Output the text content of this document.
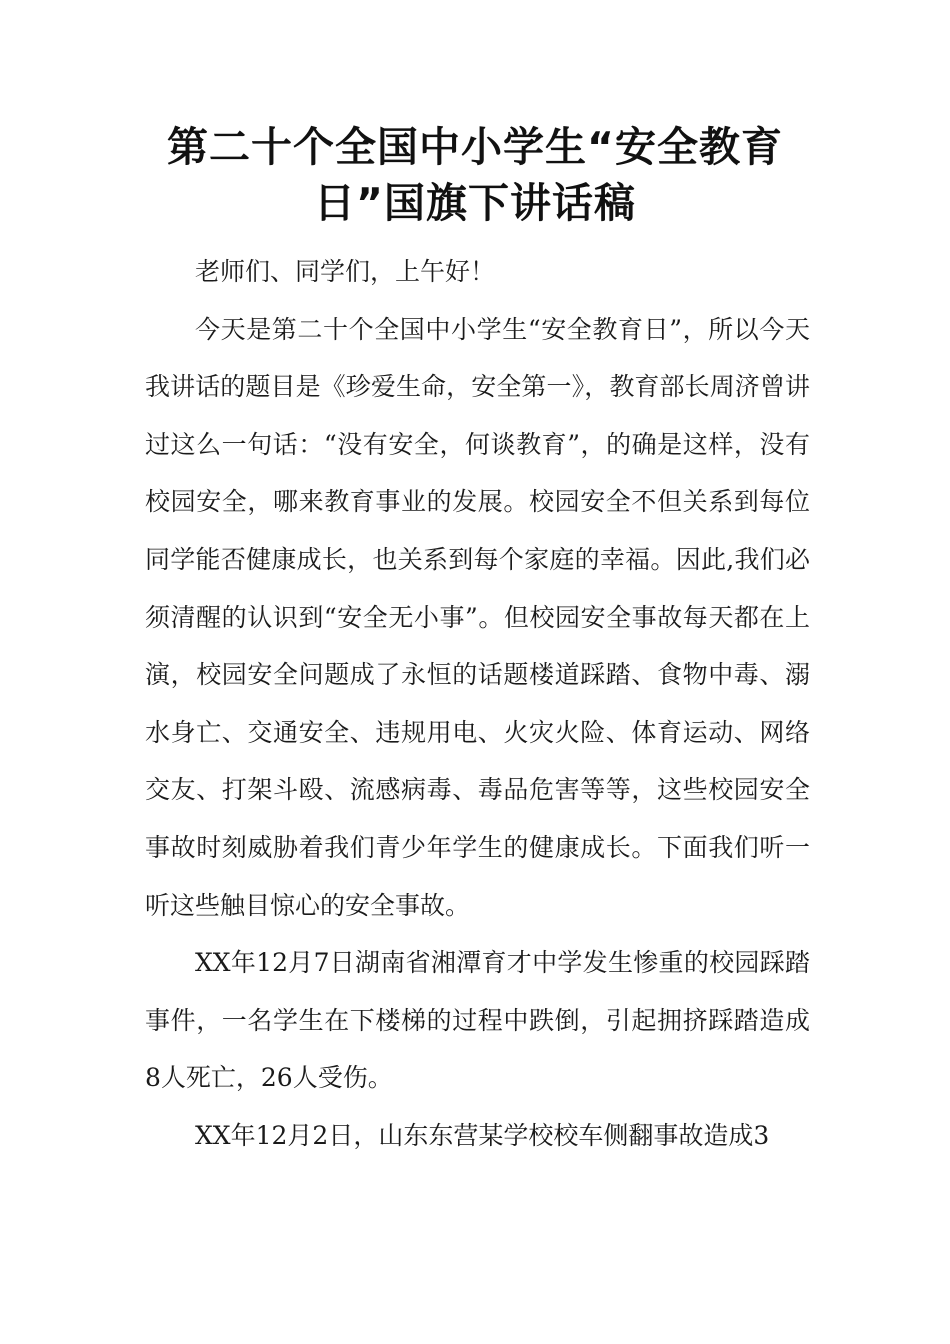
第二十个全国中小学生“安全教育
日”国旗下讲话稿

老师们、同学们，上午好！

今天是第二十个全国中小学生“安全教育日”，所以今天我讲话的题目是《珍爱生命，安全第一》，教育部长周济曾讲过这么一句话：“没有安全，何谈教育”，的确是这样，没有校园安全，哪来教育事业的发展。校园安全不但关系到每位同学能否健康成长，也关系到每个家庭的幸福。因此,我们必须清醒的认识到“安全无小事”。但校园安全事故每天都在上演，校园安全问题成了永恒的话题楼道踩踏、食物中毒、溺水身亡、交通安全、违规用电、火灾火险、体育运动、网络交友、打架斗殴、流感病毒、毒品危害等等，这些校园安全事故时刻威胁着我们青少年学生的健康成长。下面我们听一听这些触目惊心的安全事故。

XX年12月7日湖南省湘潭育才中学发生惨重的校园踩踏事件，一名学生在下楼梯的过程中跌倒，引起拥挤踩踏造成8人死亡，26人受伤。

XX年12月2日，山东东营某学校校车侧翻事故造成3
